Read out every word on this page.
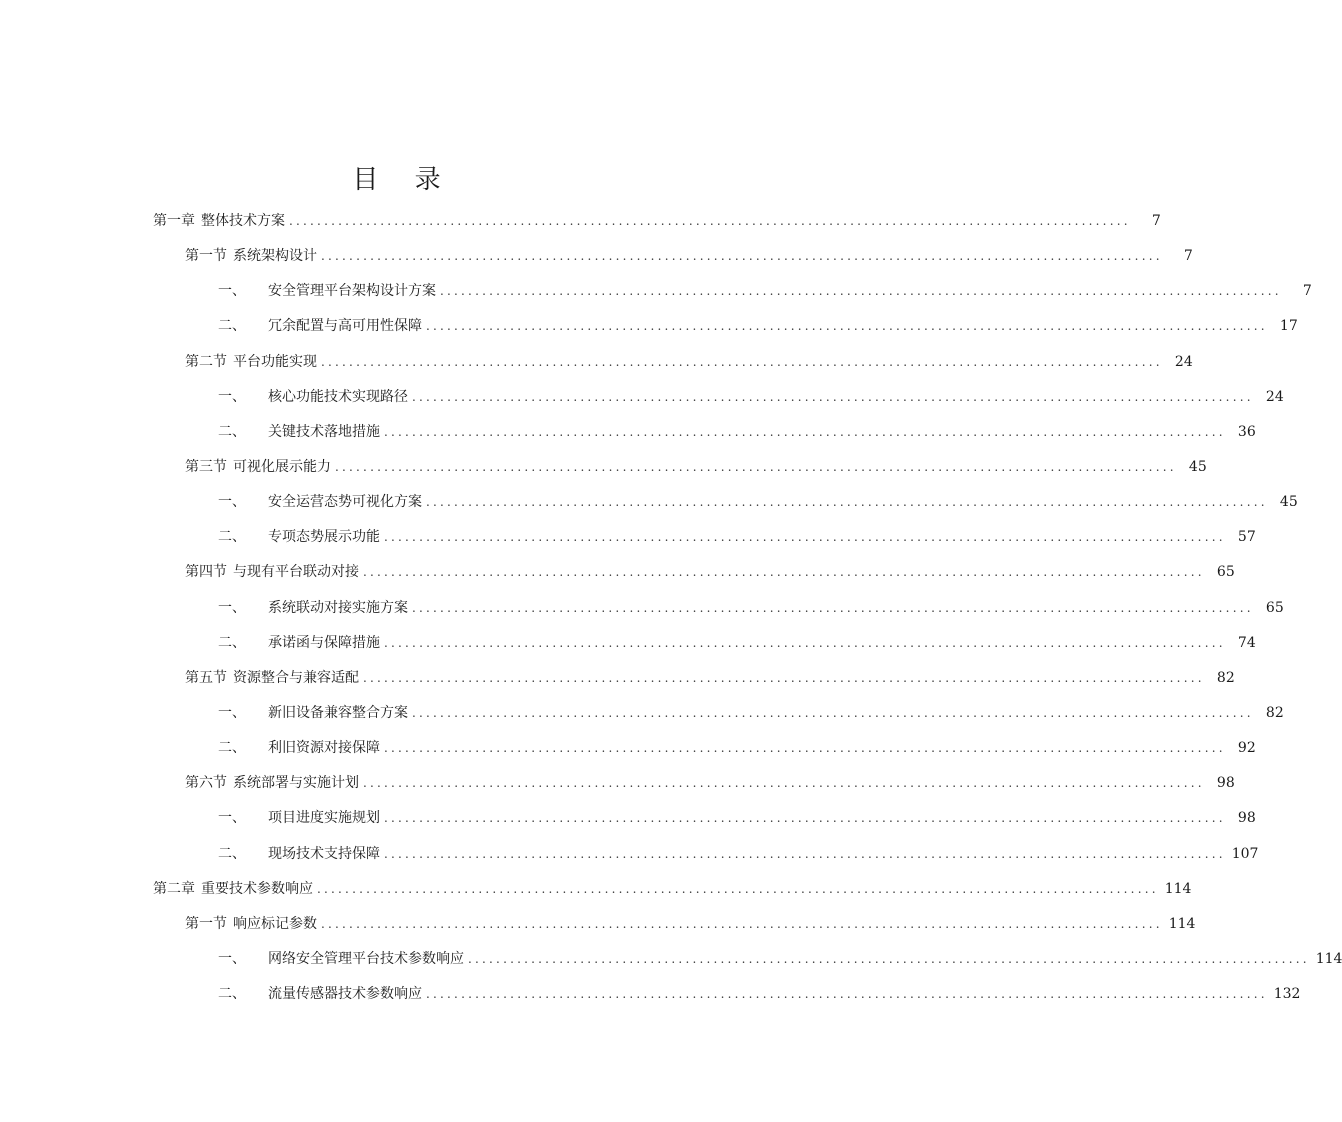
目 录
第一章 整体技术方案 ........................................................................................................................	7
第一节 系统架构设计 ........................................................................................................................	7
一、 安全管理平台架构设计方案 ........................................................................................................................	7
二、 冗余配置与高可用性保障 ........................................................................................................................ 17
第二节 平台功能实现 ........................................................................................................................ 24
一、 核心功能技术实现路径 ........................................................................................................................ 24
二、 关键技术落地措施 ........................................................................................................................ 36
第三节 可视化展示能力 ........................................................................................................................ 45
一、 安全运营态势可视化方案 ........................................................................................................................ 45
二、 专项态势展示功能 ........................................................................................................................ 57
第四节 与现有平台联动对接 ........................................................................................................................ 65
一、 系统联动对接实施方案 ........................................................................................................................ 65
二、 承诺函与保障措施 ........................................................................................................................ 74
第五节 资源整合与兼容适配 ........................................................................................................................ 82
一、 新旧设备兼容整合方案 ........................................................................................................................ 82
二、 利旧资源对接保障 ........................................................................................................................ 92
第六节 系统部署与实施计划 ........................................................................................................................ 98
一、 项目进度实施规划 ........................................................................................................................ 98
二、 现场技术支持保障 ........................................................................................................................ 107
第二章 重要技术参数响应 ........................................................................................................................ 114
第一节 响应标记参数 ........................................................................................................................ 114
一、 网络安全管理平台技术参数响应 ........................................................................................................................ 114
二、 流量传感器技术参数响应 ........................................................................................................................ 132
